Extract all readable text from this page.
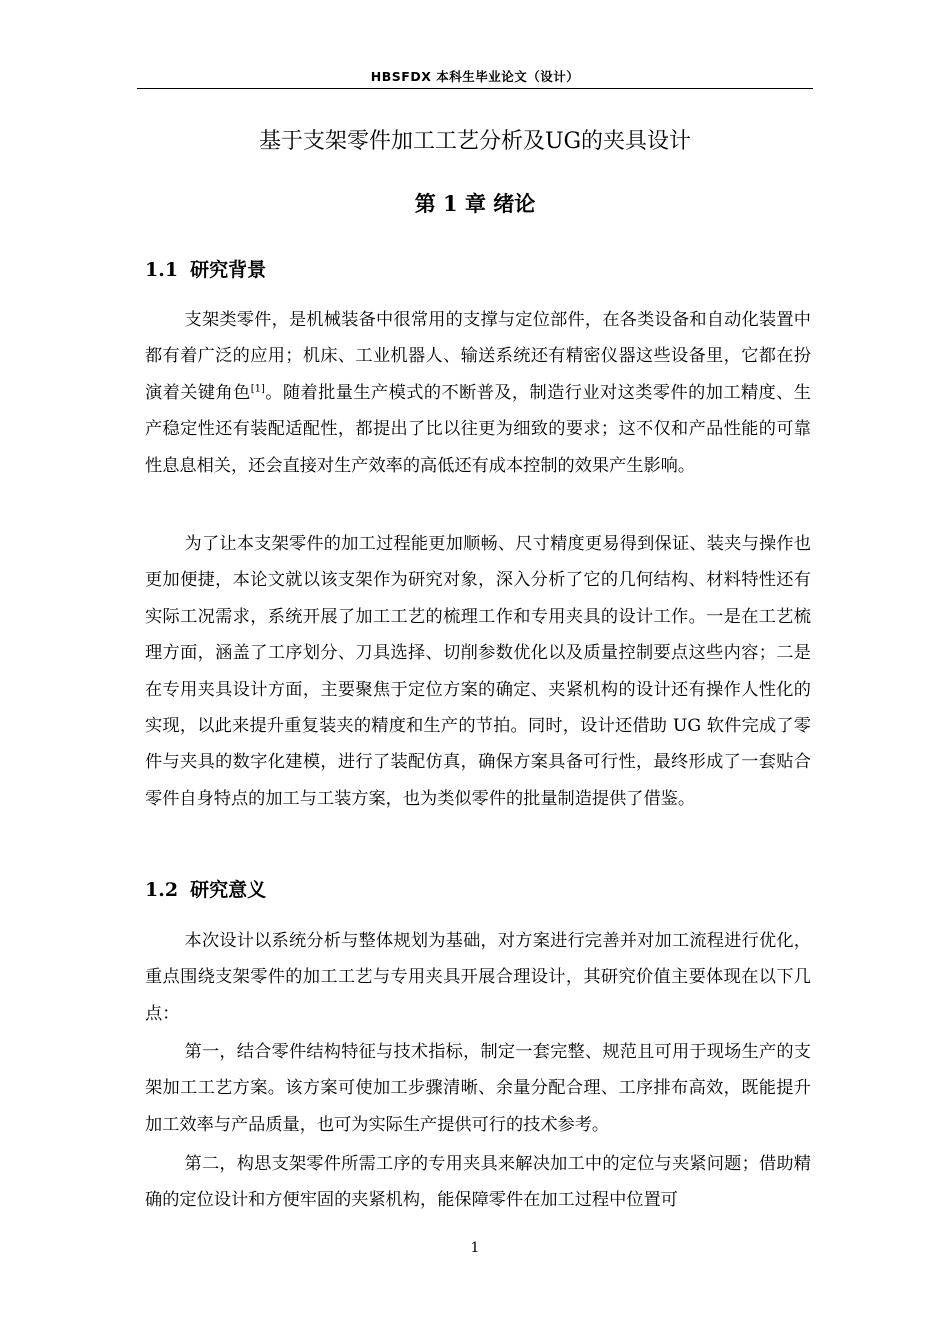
HBSFDX 本科生毕业论文（设计）
基于支架零件加工工艺分析及UG的夹具设计
第 1 章 绪论
1.1 研究背景

支架类零件，是机械装备中很常用的支撑与定位部件，在各类设备和自动化装置中都有着广泛的应用；机床、工业机器人、输送系统还有精密仪器这些设备里，它都在扮演着关键角色[1]。随着批量生产模式的不断普及，制造行业对这类零件的加工精度、生产稳定性还有装配适配性，都提出了比以往更为细致的要求；这不仅和产品性能的可靠性息息相关，还会直接对生产效率的高低还有成本控制的效果产生影响。

为了让本支架零件的加工过程能更加顺畅、尺寸精度更易得到保证、装夹与操作也更加便捷，本论文就以该支架作为研究对象，深入分析了它的几何结构、材料特性还有实际工况需求，系统开展了加工工艺的梳理工作和专用夹具的设计工作。一是在工艺梳理方面，涵盖了工序划分、刀具选择、切削参数优化以及质量控制要点这些内容；二是在专用夹具设计方面，主要聚焦于定位方案的确定、夹紧机构的设计还有操作人性化的实现，以此来提升重复装夹的精度和生产的节拍。同时，设计还借助 UG 软件完成了零件与夹具的数字化建模，进行了装配仿真，确保方案具备可行性，最终形成了一套贴合零件自身特点的加工与工装方案，也为类似零件的批量制造提供了借鉴。

1.2 研究意义

本次设计以系统分析与整体规划为基础，对方案进行完善并对加工流程进行优化，重点围绕支架零件的加工工艺与专用夹具开展合理设计，其研究价值主要体现在以下几点：

第一，结合零件结构特征与技术指标，制定一套完整、规范且可用于现场生产的支架加工工艺方案。该方案可使加工步骤清晰、余量分配合理、工序排布高效，既能提升加工效率与产品质量，也可为实际生产提供可行的技术参考。

第二，构思支架零件所需工序的专用夹具来解决加工中的定位与夹紧问题；借助精确的定位设计和方便牢固的夹紧机构，能保障零件在加工过程中位置可

1
